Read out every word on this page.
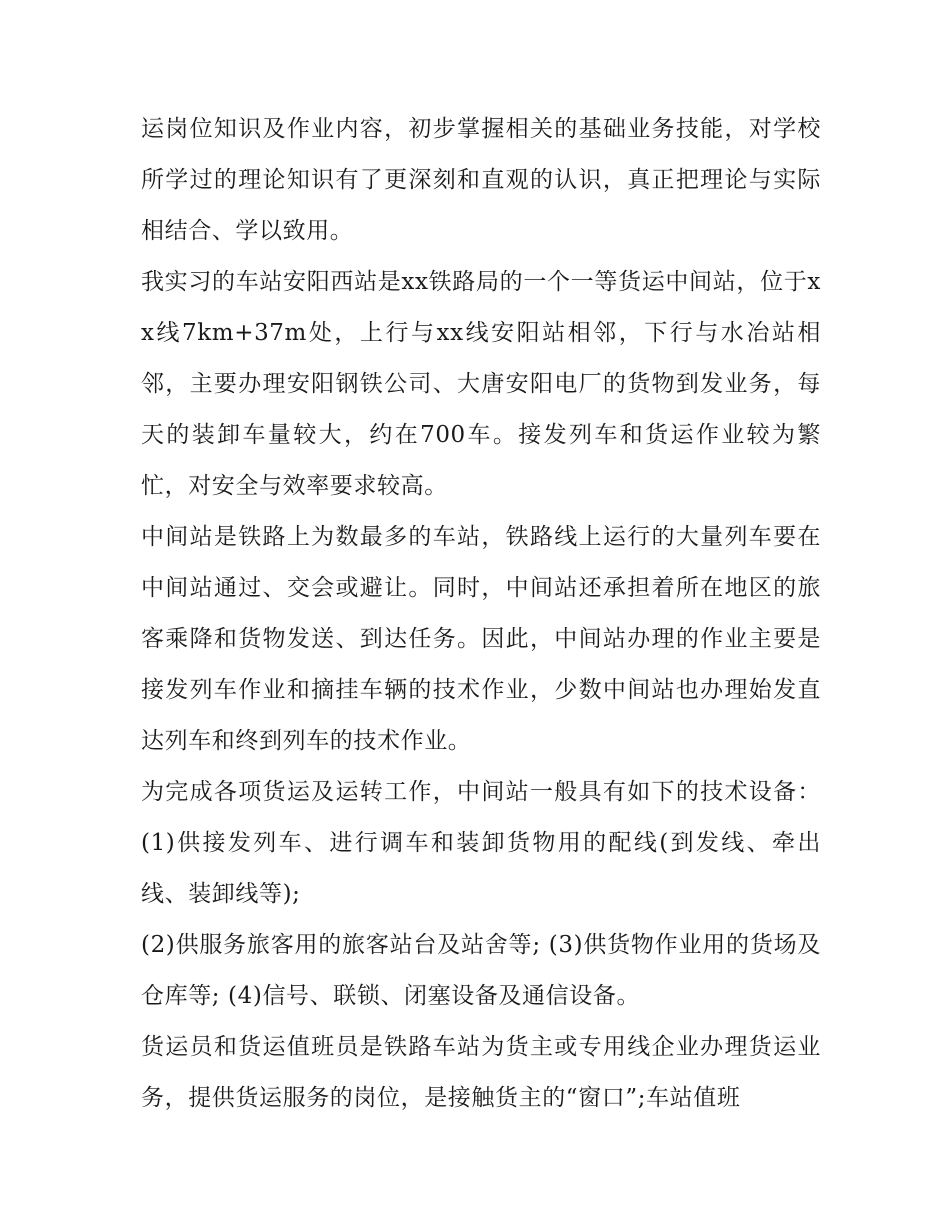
运岗位知识及作业内容，初步掌握相关的基础业务技能，对学校所学过的理论知识有了更深刻和直观的认识，真正把理论与实际相结合、学以致用。

我实习的车站安阳西站是xx铁路局的一个一等货运中间站，位于xx线7km+37m处，上行与xx线安阳站相邻，下行与水冶站相邻，主要办理安阳钢铁公司、大唐安阳电厂的货物到发业务，每天的装卸车量较大，约在700车。接发列车和货运作业较为繁忙，对安全与效率要求较高。

中间站是铁路上为数最多的车站，铁路线上运行的大量列车要在中间站通过、交会或避让。同时，中间站还承担着所在地区的旅客乘降和货物发送、到达任务。因此，中间站办理的作业主要是接发列车作业和摘挂车辆的技术作业，少数中间站也办理始发直达列车和终到列车的技术作业。

为完成各项货运及运转工作，中间站一般具有如下的技术设备： (1)供接发列车、进行调车和装卸货物用的配线(到发线、牵出线、装卸线等);

(2)供服务旅客用的旅客站台及站舍等; (3)供货物作业用的货场及仓库等; (4)信号、联锁、闭塞设备及通信设备。

货运员和货运值班员是铁路车站为货主或专用线企业办理货运业务，提供货运服务的岗位，是接触货主的“窗口”;车站值班
